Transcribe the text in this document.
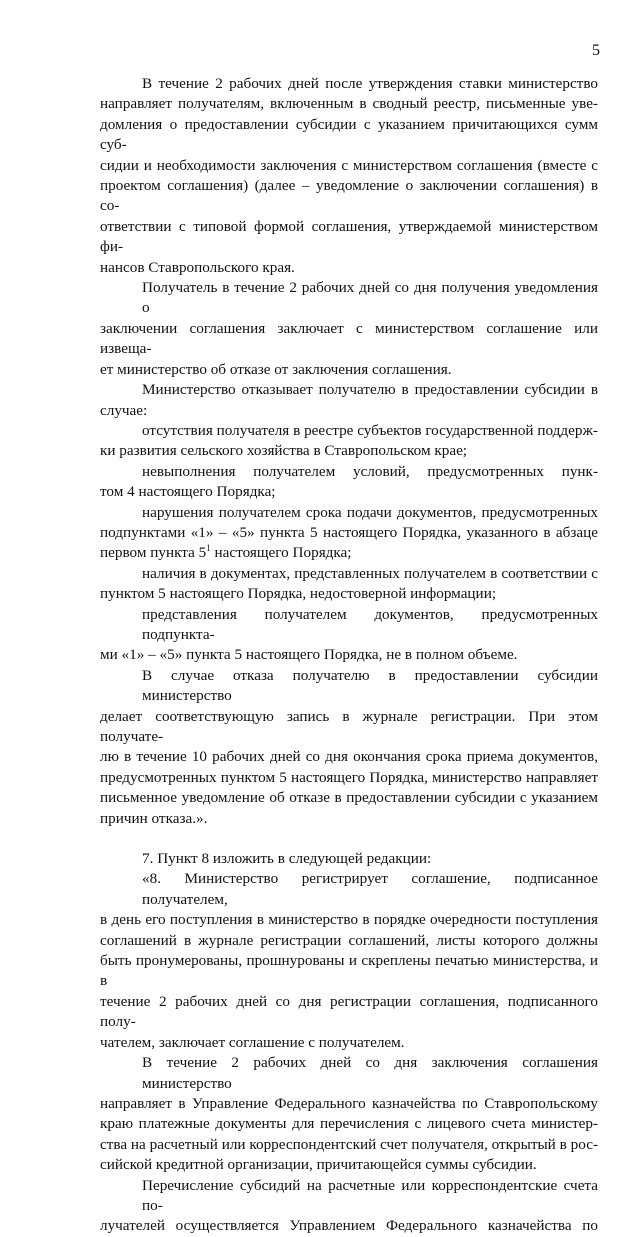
5
В течение 2 рабочих дней после утверждения ставки министерство
направляет получателям, включенным в сводный реестр, письменные уве-
домления о предоставлении субсидии с указанием причитающихся сумм суб-
сидии и необходимости заключения с министерством соглашения (вместе с
проектом соглашения) (далее – уведомление о заключении соглашения) в со-
ответствии с типовой формой соглашения, утверждаемой министерством фи-
нансов Ставропольского края.
Получатель в течение 2 рабочих дней со дня получения уведомления о
заключении соглашения заключает с министерством соглашение или извеща-
ет министерство об отказе от заключения соглашения.
Министерство отказывает получателю в предоставлении субсидии в
случае:
отсутствия получателя в реестре субъектов государственной поддерж-
ки развития сельского хозяйства в Ставропольском крае;
невыполнения получателем условий, предусмотренных пунк-
том 4 настоящего Порядка;
нарушения получателем срока подачи документов, предусмотренных
подпунктами «1» – «5» пункта 5 настоящего Порядка, указанного в абзаце
первом пункта $5^1$ настоящего Порядка;
наличия в документах, представленных получателем в соответствии с
пунктом 5 настоящего Порядка, недостоверной информации;
представления получателем документов, предусмотренных подпункта-
ми «1» – «5» пункта 5 настоящего Порядка, не в полном объеме.
В случае отказа получателю в предоставлении субсидии министерство
делает соответствующую запись в журнале регистрации. При этом получате-
лю в течение 10 рабочих дней со дня окончания срока приема документов,
предусмотренных пунктом 5 настоящего Порядка, министерство направляет
письменное уведомление об отказе в предоставлении субсидии с указанием
причин отказа.».
7. Пункт 8 изложить в следующей редакции:
«8. Министерство регистрирует соглашение, подписанное получателем,
в день его поступления в министерство в порядке очередности поступления
соглашений в журнале регистрации соглашений, листы которого должны
быть пронумерованы, прошнурованы и скреплены печатью министерства, и в
течение 2 рабочих дней со дня регистрации соглашения, подписанного полу-
чателем, заключает соглашение с получателем.
В течение 2 рабочих дней со дня заключения соглашения министерство
направляет в Управление Федерального казначейства по Ставропольскому
краю платежные документы для перечисления с лицевого счета министер-
ства на расчетный или корреспондентский счет получателя, открытый в рос-
сийской кредитной организации, причитающейся суммы субсидии.
Перечисление субсидий на расчетные или корреспондентские счета по-
лучателей осуществляется Управлением Федерального казначейства по
